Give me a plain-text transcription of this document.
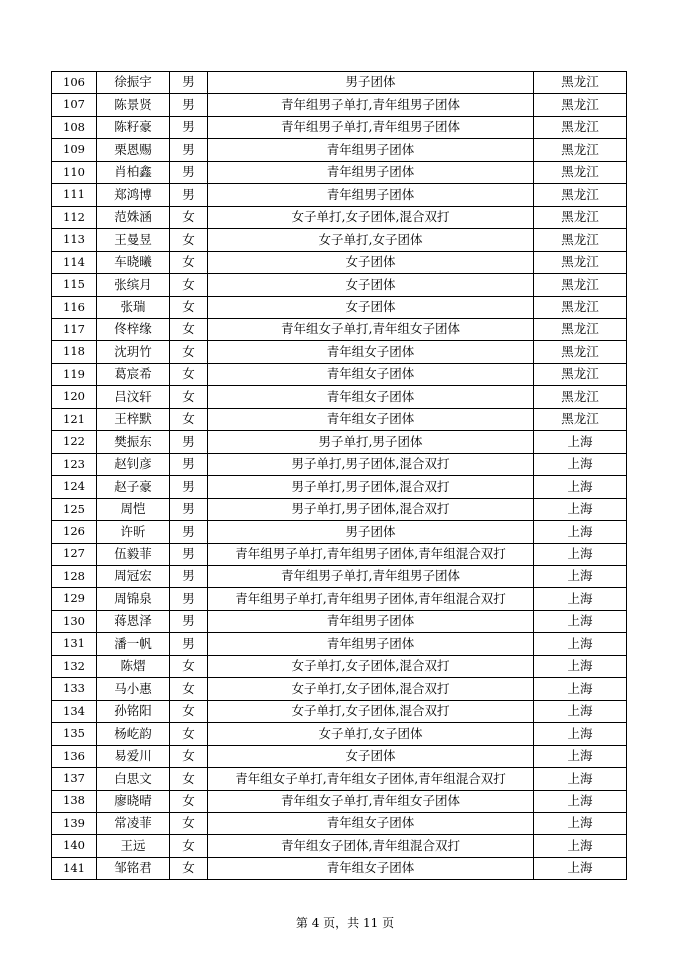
106	徐振宇	男	男子团体	黑龙江
107	陈景贤	男	青年组男子单打,青年组男子团体	黑龙江
108	陈籽豪	男	青年组男子单打,青年组男子团体	黑龙江
109	栗恩赐	男	青年组男子团体	黑龙江
110	肖柏鑫	男	青年组男子团体	黑龙江
111	郑鸿博	男	青年组男子团体	黑龙江
112	范姝涵	女	女子单打,女子团体,混合双打	黑龙江
113	王曼昱	女	女子单打,女子团体	黑龙江
114	车晓曦	女	女子团体	黑龙江
115	张缤月	女	女子团体	黑龙江
116	张瑞	女	女子团体	黑龙江
117	佟梓缘	女	青年组女子单打,青年组女子团体	黑龙江
118	沈玥竹	女	青年组女子团体	黑龙江
119	葛宸希	女	青年组女子团体	黑龙江
120	吕汶轩	女	青年组女子团体	黑龙江
121	王梓默	女	青年组女子团体	黑龙江
122	樊振东	男	男子单打,男子团体	上海
123	赵钊彦	男	男子单打,男子团体,混合双打	上海
124	赵子豪	男	男子单打,男子团体,混合双打	上海
125	周恺	男	男子单打,男子团体,混合双打	上海
126	许昕	男	男子团体	上海
127	伍毅菲	男	青年组男子单打,青年组男子团体,青年组混合双打	上海
128	周冠宏	男	青年组男子单打,青年组男子团体	上海
129	周锦泉	男	青年组男子单打,青年组男子团体,青年组混合双打	上海
130	蒋恩泽	男	青年组男子团体	上海
131	潘一帆	男	青年组男子团体	上海
132	陈熠	女	女子单打,女子团体,混合双打	上海
133	马小惠	女	女子单打,女子团体,混合双打	上海
134	孙铭阳	女	女子单打,女子团体,混合双打	上海
135	杨屹韵	女	女子单打,女子团体	上海
136	易爱川	女	女子团体	上海
137	白思文	女	青年组女子单打,青年组女子团体,青年组混合双打	上海
138	廖晓晴	女	青年组女子单打,青年组女子团体	上海
139	常凌菲	女	青年组女子团体	上海
140	王远	女	青年组女子团体,青年组混合双打	上海
141	邹铭君	女	青年组女子团体	上海
第 4 页，共 11 页
